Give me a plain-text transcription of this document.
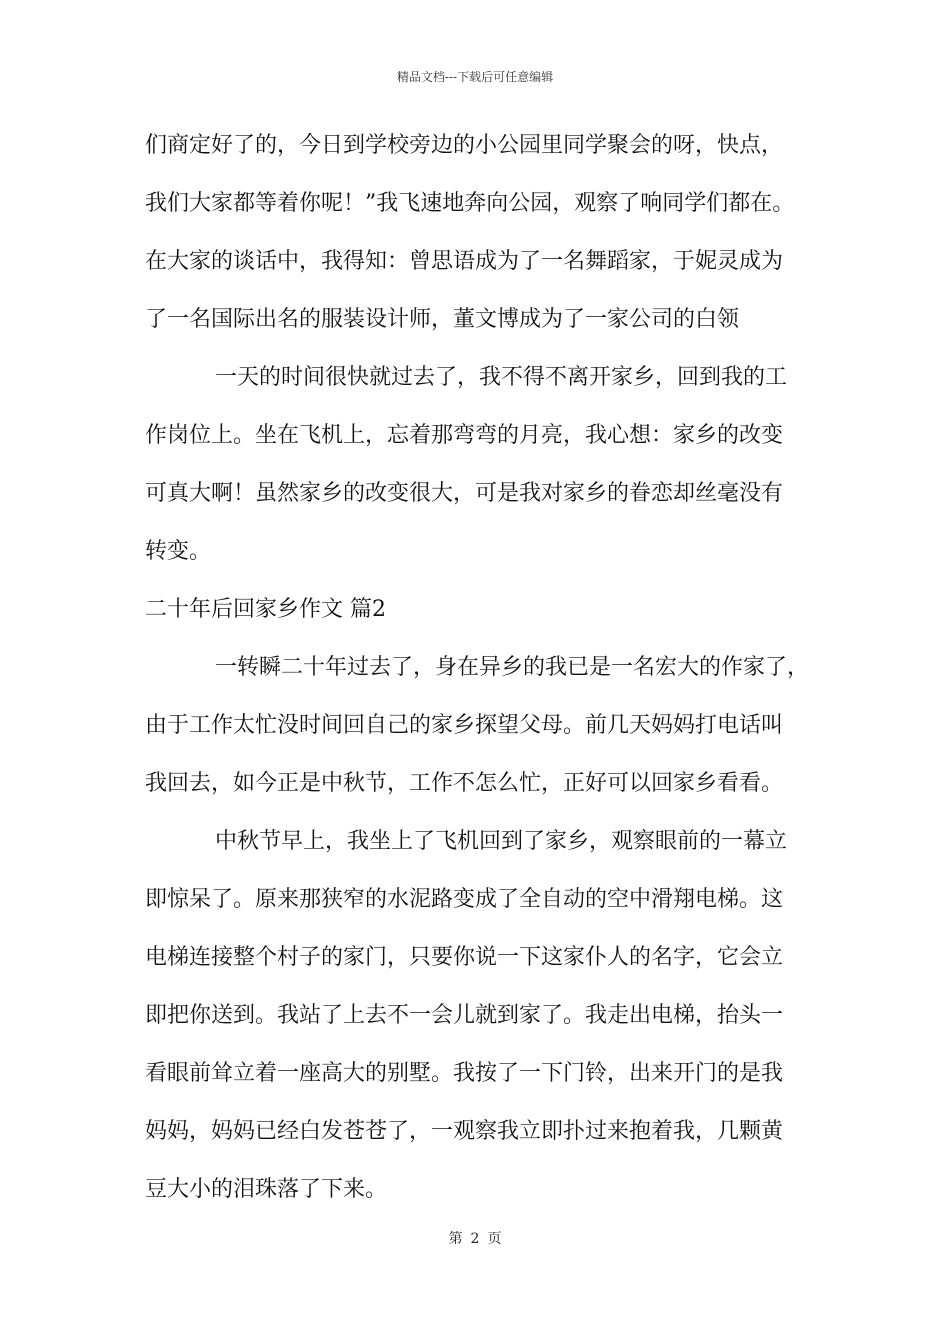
精品文档---下载后可任意编辑
们商定好了的，今日到学校旁边的小公园里同学聚会的呀，快点，
我们大家都等着你呢！”我飞速地奔向公园，观察了响同学们都在。
在大家的谈话中，我得知：曾思语成为了一名舞蹈家，于妮灵成为
了一名国际出名的服装设计师，董文博成为了一家公司的白领
一天的时间很快就过去了，我不得不离开家乡，回到我的工
作岗位上。坐在飞机上，忘着那弯弯的月亮，我心想：家乡的改变
可真大啊！虽然家乡的改变很大，可是我对家乡的眷恋却丝毫没有
转变。
二十年后回家乡作文 篇2
一转瞬二十年过去了，身在异乡的我已是一名宏大的作家了，
由于工作太忙没时间回自己的家乡探望父母。前几天妈妈打电话叫
我回去，如今正是中秋节，工作不怎么忙，正好可以回家乡看看。
中秋节早上，我坐上了飞机回到了家乡，观察眼前的一幕立
即惊呆了。原来那狭窄的水泥路变成了全自动的空中滑翔电梯。这
电梯连接整个村子的家门，只要你说一下这家仆人的名字，它会立
即把你送到。我站了上去不一会儿就到家了。我走出电梯，抬头一
看眼前耸立着一座高大的别墅。我按了一下门铃，出来开门的是我
妈妈，妈妈已经白发苍苍了，一观察我立即扑过来抱着我，几颗黄
豆大小的泪珠落了下来。
第 2 页
